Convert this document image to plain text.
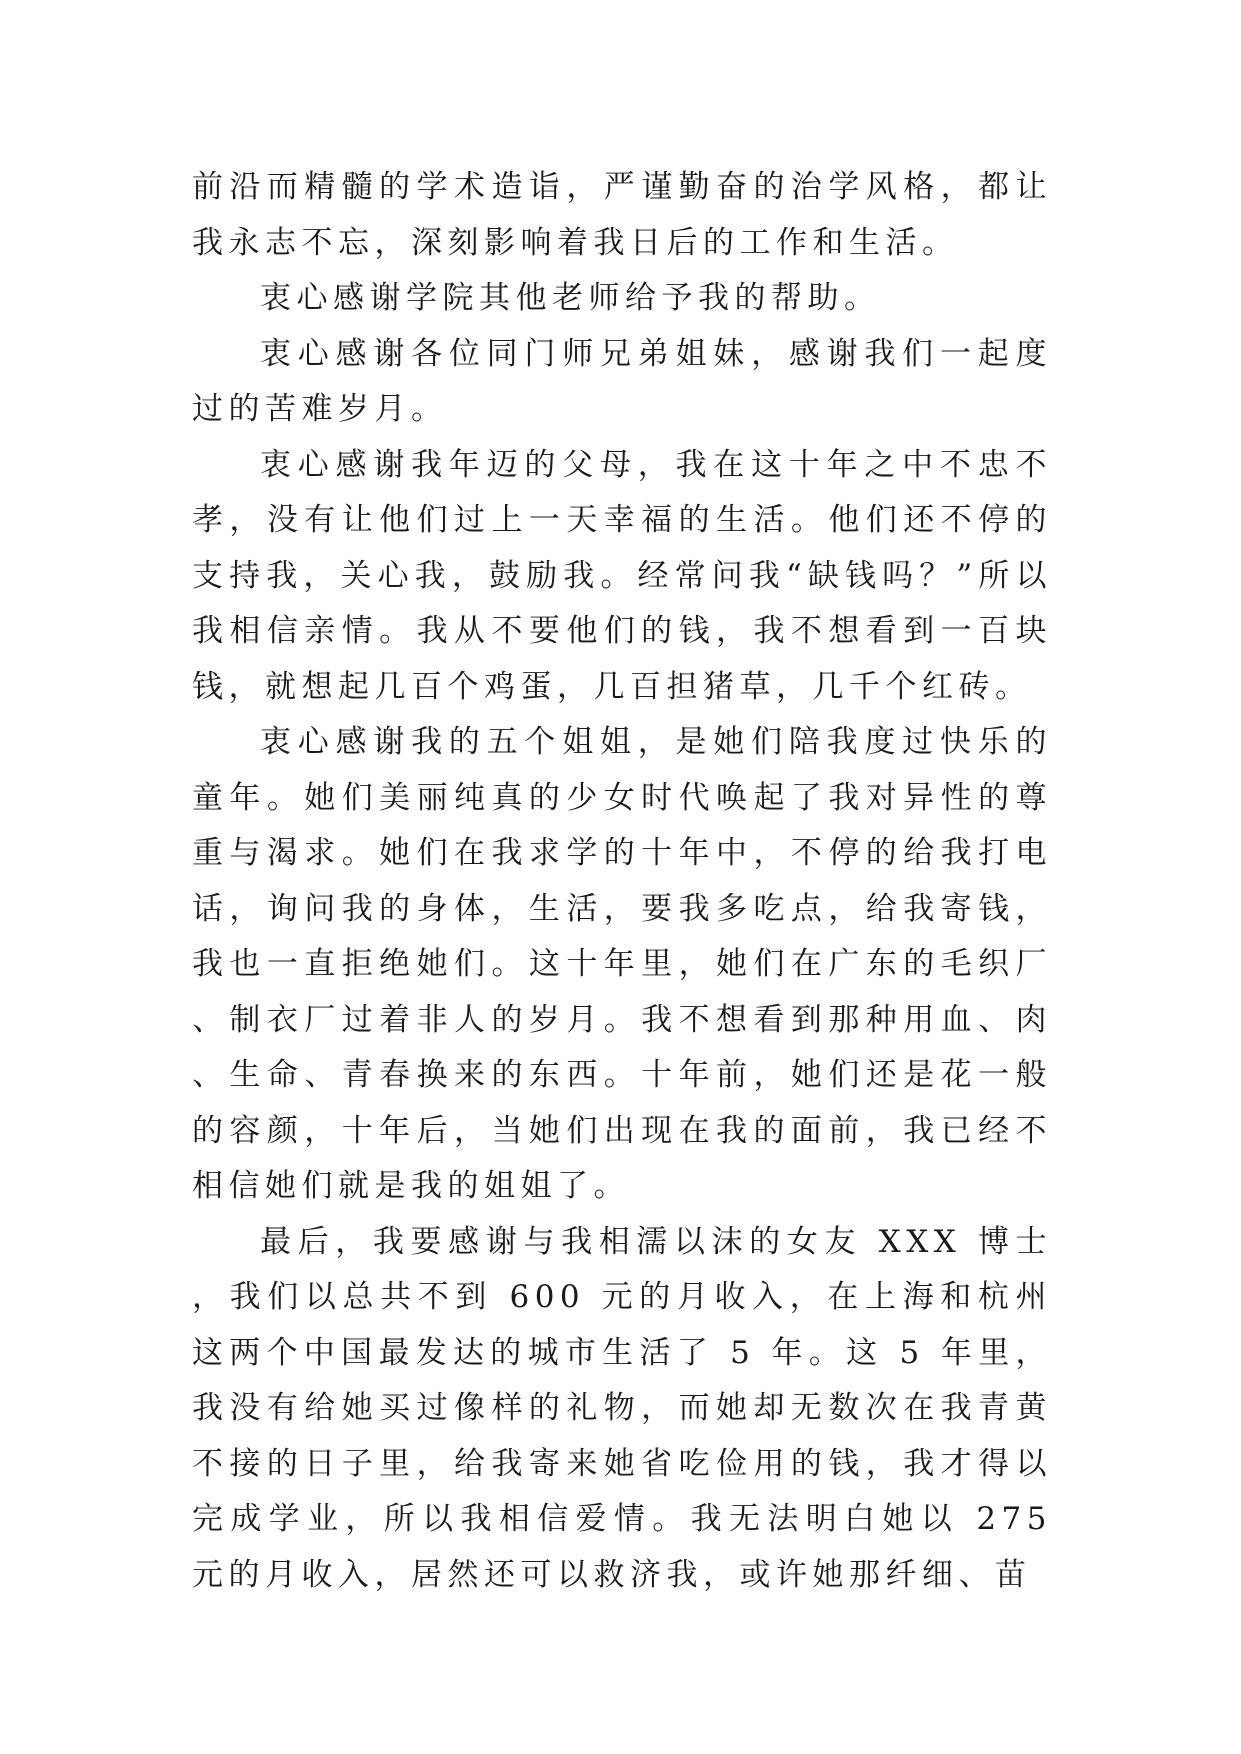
前沿而精髓的学术造诣，严谨勤奋的治学风格，都让我永志不忘，深刻影响着我日后的工作和生活。

衷心感谢学院其他老师给予我的帮助。

衷心感谢各位同门师兄弟姐妹，感谢我们一起度过的苦难岁月。

衷心感谢我年迈的父母，我在这十年之中不忠不孝，没有让他们过上一天幸福的生活。他们还不停的支持我，关心我，鼓励我。经常问我“缺钱吗？”所以我相信亲情。我从不要他们的钱，我不想看到一百块钱，就想起几百个鸡蛋，几百担猪草，几千个红砖。

衷心感谢我的五个姐姐，是她们陪我度过快乐的童年。她们美丽纯真的少女时代唤起了我对异性的尊重与渴求。她们在我求学的十年中，不停的给我打电话，询问我的身体，生活，要我多吃点，给我寄钱，我也一直拒绝她们。这十年里，她们在广东的毛织厂、制衣厂过着非人的岁月。我不想看到那种用血、肉、生命、青春换来的东西。十年前，她们还是花一般的容颜，十年后，当她们出现在我的面前，我已经不相信她们就是我的姐姐了。

最后，我要感谢与我相濡以沫的女友 XXX 博士，我们以总共不到 600 元的月收入，在上海和杭州这两个中国最发达的城市生活了 5 年。这 5 年里，我没有给她买过像样的礼物，而她却无数次在我青黄不接的日子里，给我寄来她省吃俭用的钱，我才得以完成学业，所以我相信爱情。我无法明白她以 275 元的月收入，居然还可以救济我，或许她那纤细、苗
